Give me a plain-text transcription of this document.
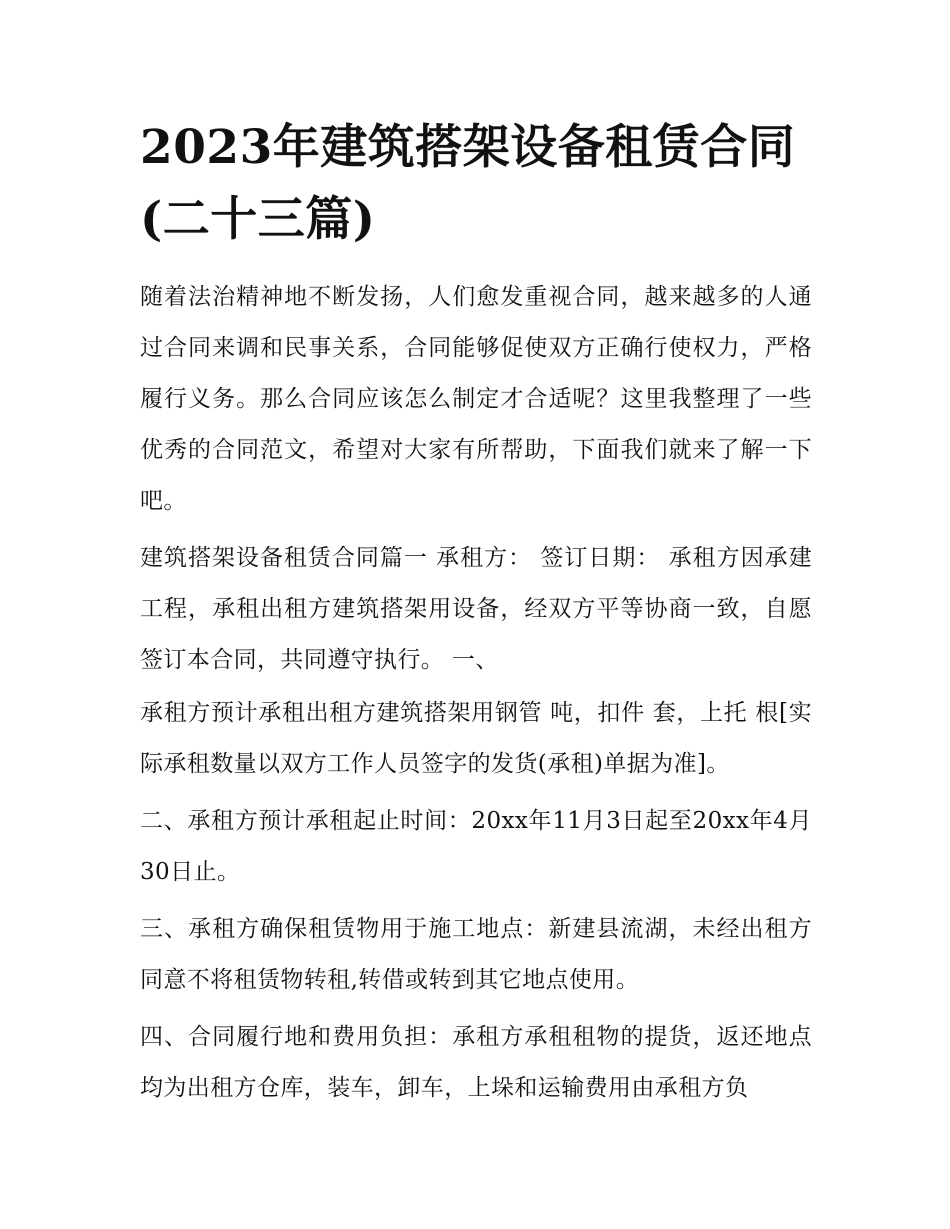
2023年建筑搭架设备租赁合同
(二十三篇)

随着法治精神地不断发扬，人们愈发重视合同，越来越多的人通过合同来调和民事关系，合同能够促使双方正确行使权力，严格履行义务。那么合同应该怎么制定才合适呢？这里我整理了一些优秀的合同范文，希望对大家有所帮助，下面我们就来了解一下吧。

建筑搭架设备租赁合同篇一 承租方： 签订日期： 承租方因承建 工程，承租出租方建筑搭架用设备，经双方平等协商一致，自愿签订本合同，共同遵守执行。 一、

承租方预计承租出租方建筑搭架用钢管 吨，扣件 套，上托 根[实际承租数量以双方工作人员签字的发货(承租)单据为准]。

二、承租方预计承租起止时间：20xx年11月3日起至20xx年4月30日止。

三、承租方确保租赁物用于施工地点：新建县流湖，未经出租方同意不将租赁物转租,转借或转到其它地点使用。

四、合同履行地和费用负担：承租方承租租物的提货，返还地点均为出租方仓库，装车，卸车，上垛和运输费用由承租方负
